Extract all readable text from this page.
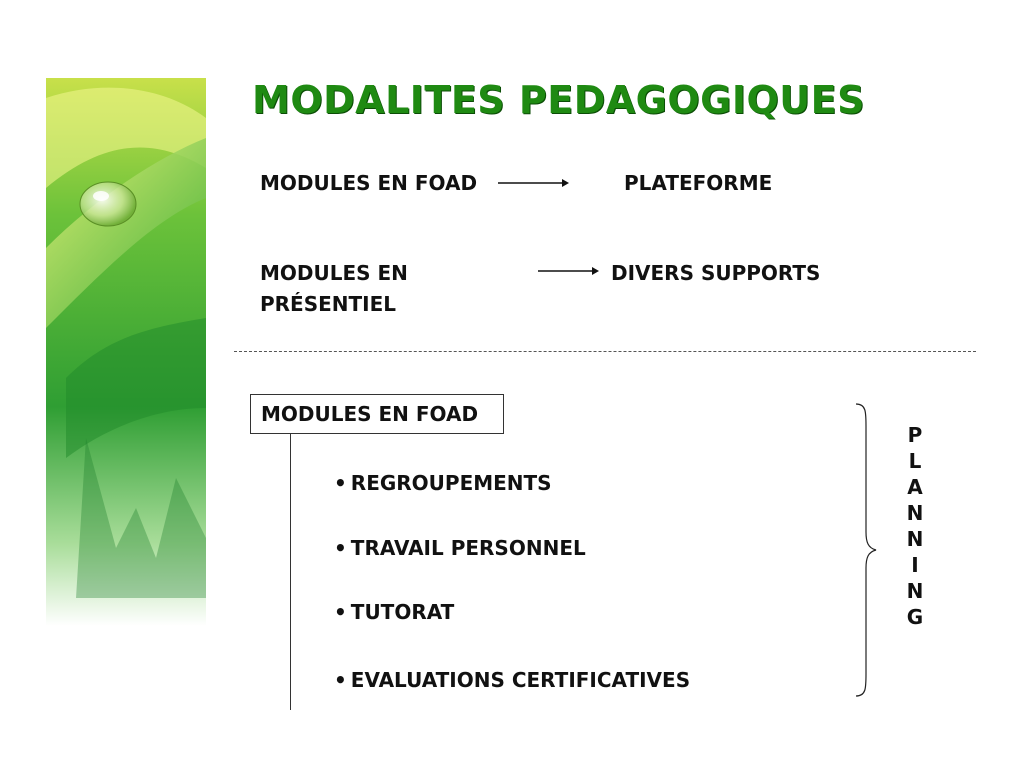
MODALITES PEDAGOGIQUES
MODULES EN FOAD	PLATEFORME
MODULES EN
PRÉSENTIEL
DIVERS SUPPORTS
MODULES EN FOAD
• REGROUPEMENTS
• TRAVAIL PERSONNEL
• TUTORAT
• EVALUATIONS CERTIFICATIVES
P
L
A
N
N
I
N
G
